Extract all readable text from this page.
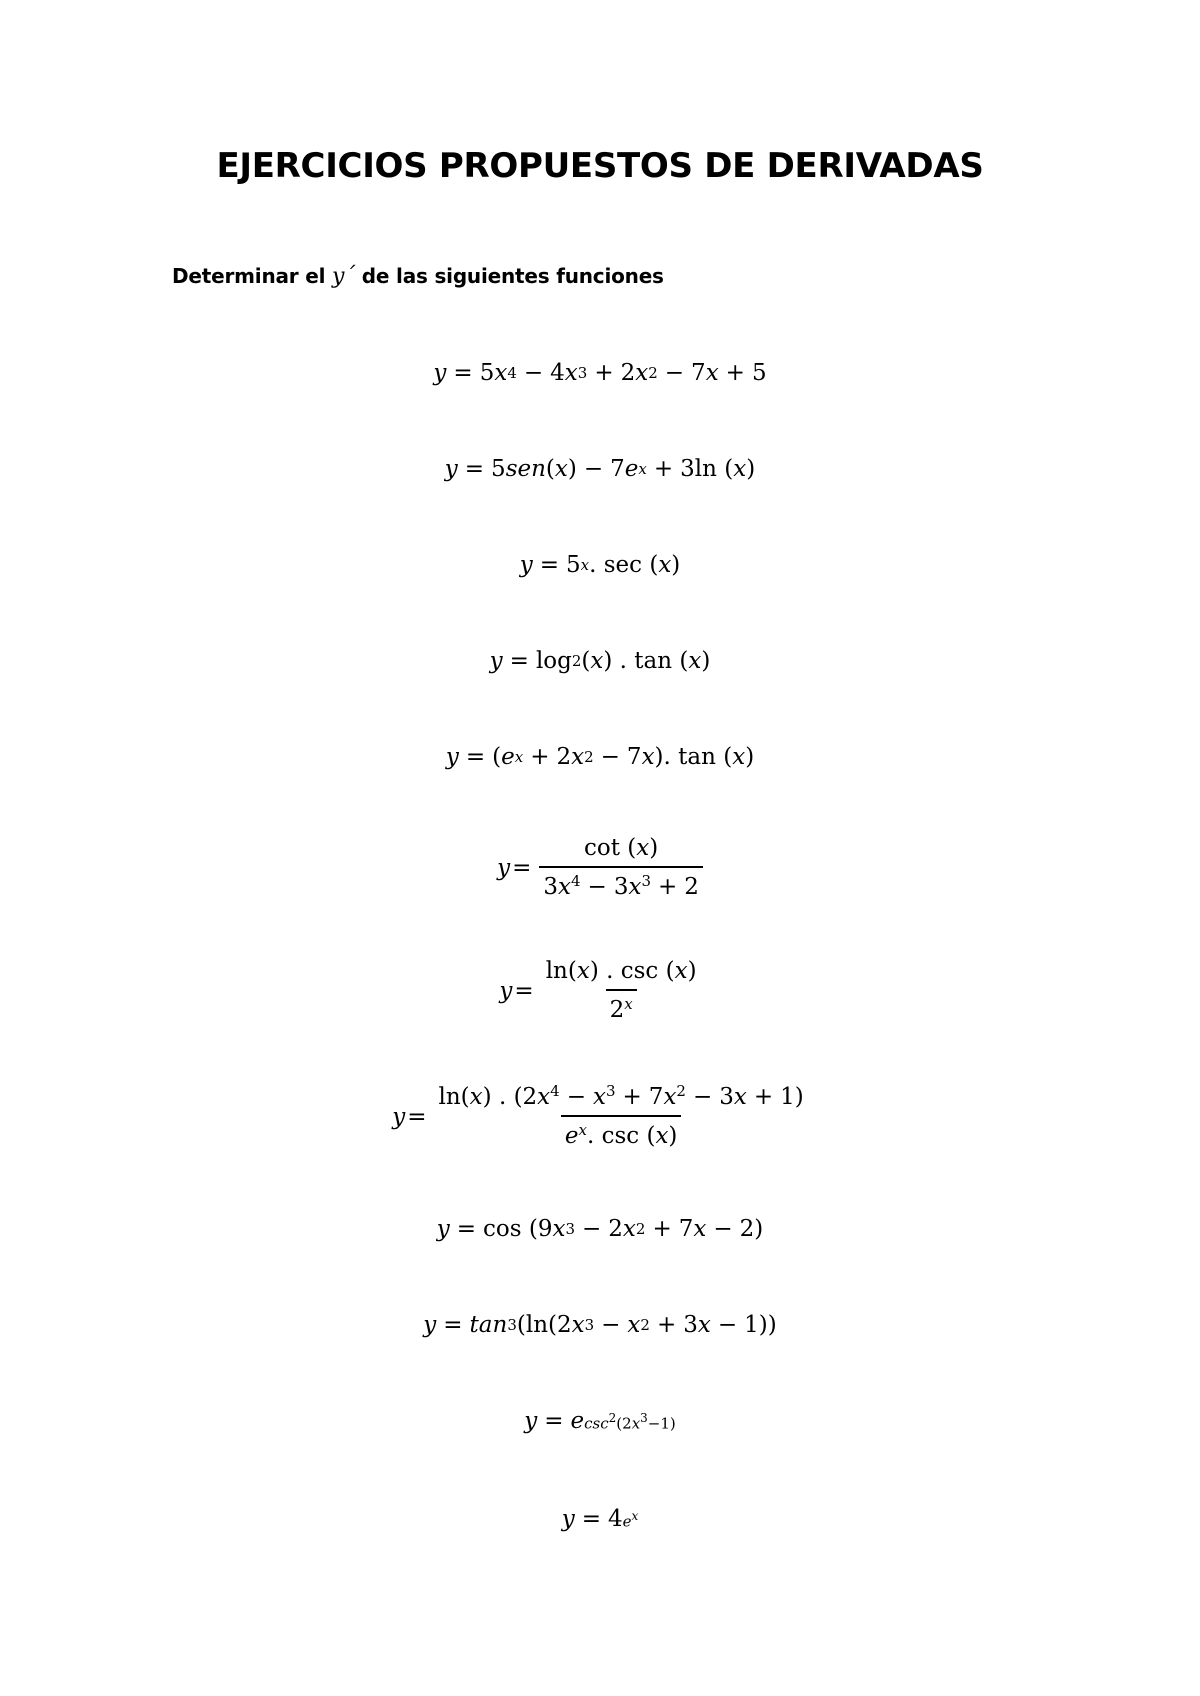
EJERCICIOS PROPUESTOS DE DERIVADAS
Determinar el y´ de las siguientes funciones
y = 5 x 4 − 4 x 3 + 2 x 2 − 7 x + 5
y = 5 sen ( x ) − 7 e x + 3ln ( x )
y = 5 x . sec ( x )
y = log 2 ( x ) . tan ( x )
y = ( e x + 2 x 2 − 7 x ). tan ( x )
$y = \frac{\cot (x)}{3x^4 - 3x^3 + 2}$
$y = \frac{\ln(x) . \csc (x)}{2^x}$
$y = \frac{\ln(x) . (2x^4 - x^3 + 7x^2 - 3x + 1)}{e^x. \csc (x)}$
y = cos (9 x 3 − 2 x 2 + 7 x − 2)
y = tan 3 (ln(2 x 3 − x 2 + 3 x − 1))
y = e $\csc^2(2x^3-1)$
y = 4 $e^x$
